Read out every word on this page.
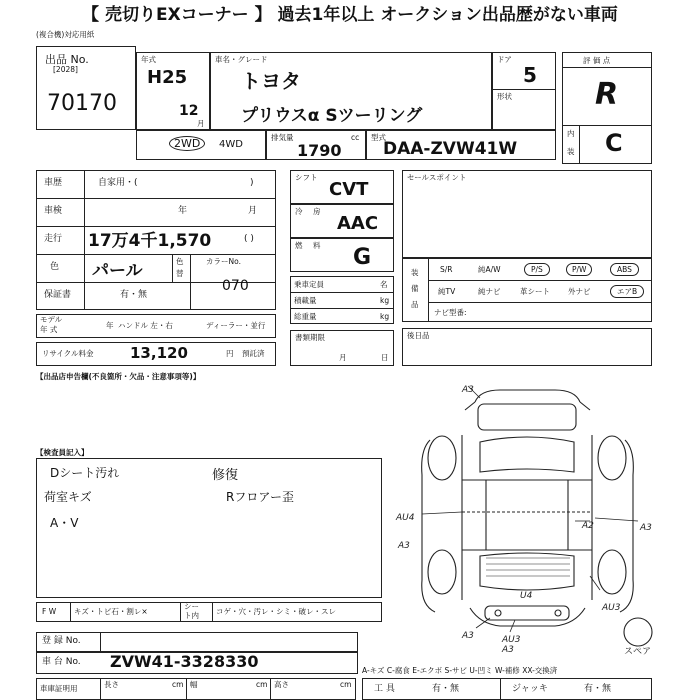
【 売切りEXコーナー 】 過去1年以上 オークション出品歴がない車両
(複合機)対応用紙
出品 No.
[2028]
70170
年式
H25
12
月
車名・グレード
トヨタ
プリウスα Sツーリング
ドア
5
形状
評 価 点
R
内
装 C
2WD	4WD
排気量	cc
1790
型式
DAA-ZVW41W
車歴	自家用・(	)
車検	年	月
走行 17万4千1,570	( )
色 パール	色
替
カラーNo.
070
保証書	有・無
モデル
年 式	年 ハンドル 左・右	ディーラー・並行
リサイクル料金 13,120	円 預託済
シフト
CVT
冷 房
AAC
燃 料 G
乗車定員	名
積載量	kg
総重量	kg
書類期限
月	日
セールスポイント
装
備
品
S/R	純A/W	P/S	P/W	ABS
純TV	純ナビ	革シート 外ナビ	エアB
ナビ型番:
後日品
【出品店申告欄(不良箇所・欠品・注意事項等)】
【検査員記入】
Dシート汚れ
荷室キズ
A・V
修復
Rフロアー歪
F W キズ・トビ石・割レ×
シー
ト内 コゲ・穴・汚レ・シミ・破レ・スレ
登 録 No.
車 台 No. ZVW41-3328330
車庫証明用	長さ	cm 幅	cm 高さ	cm
A-キズ C-腐食 E-エクボ S-サビ U-凹ミ W-補修 XX-交換済
工 具	有・無	ジャッキ	有・無
A3
AU4
A3
A2	A3
U4
AU3
A3	AU3
A3	スペア
